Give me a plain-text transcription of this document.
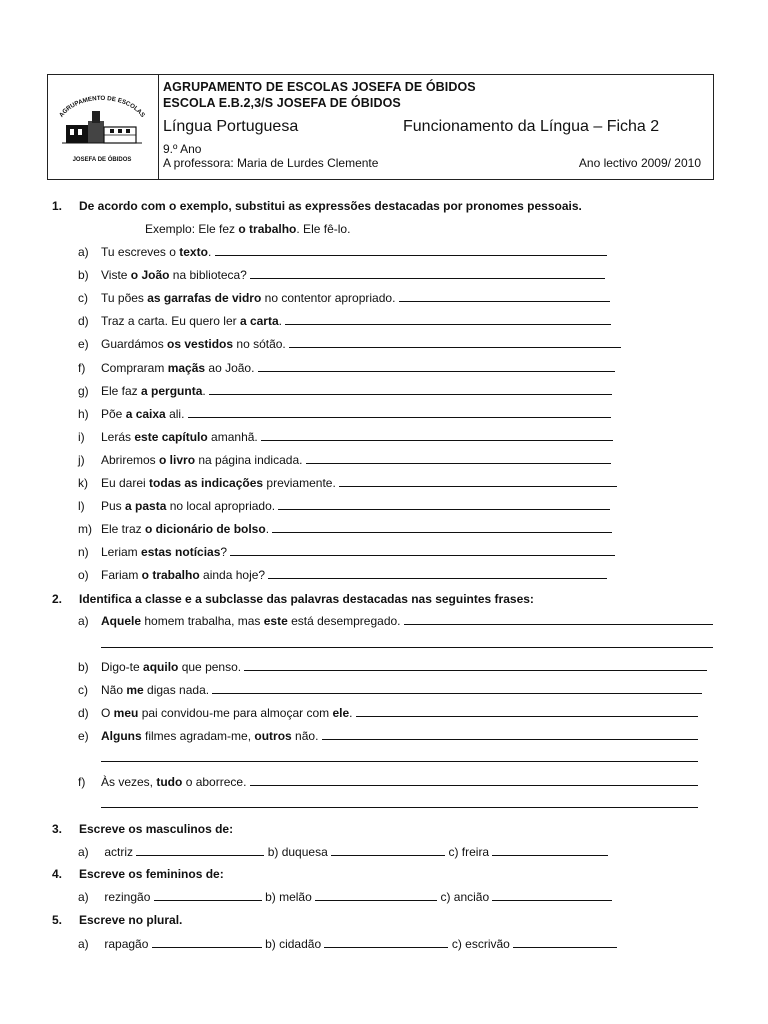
AGRUPAMENTO DE ESCOLAS
JOSEFA DE ÓBIDOS
AGRUPAMENTO DE ESCOLAS JOSEFA DE ÓBIDOS
ESCOLA E.B.2,3/S JOSEFA DE ÓBIDOS
Língua Portuguesa	Funcionamento da Língua – Ficha 2
9.º Ano
A professora: Maria de Lurdes Clemente	Ano lectivo 2009/ 2010
1. De acordo com o exemplo, substitui as expressões destacadas por pronomes pessoais.
Exemplo: Ele fez o trabalho. Ele fê-lo.
a) Tu escreves o texto.
b) Viste o João na biblioteca?
c) Tu pões as garrafas de vidro no contentor apropriado.
d) Traz a carta. Eu quero ler a carta.
e) Guardámos os vestidos no sótão.
f) Compraram maçãs ao João.
g) Ele faz a pergunta.
h) Põe a caixa ali.
i) Lerás este capítulo amanhã.
j) Abriremos o livro na página indicada.
k) Eu darei todas as indicações previamente.
l) Pus a pasta no local apropriado.
m) Ele traz o dicionário de bolso.
n) Leriam estas notícias?
o) Fariam o trabalho ainda hoje?
2. Identifica a classe e a subclasse das palavras destacadas nas seguintes frases:
a) Aquele homem trabalha, mas este está desempregado.
b) Digo-te aquilo que penso.
c) Não me digas nada.
d) O meu pai convidou-me para almoçar com ele.
e) Alguns filmes agradam-me, outros não.
f) Às vezes, tudo o aborrece.
3. Escreve os masculinos de:
a) actriz	b) duquesa	c) freira
4. Escreve os femininos de:
a) rezingão	b) melão	c) ancião
5. Escreve no plural.
a) rapagão	b) cidadão	c) escrivão
